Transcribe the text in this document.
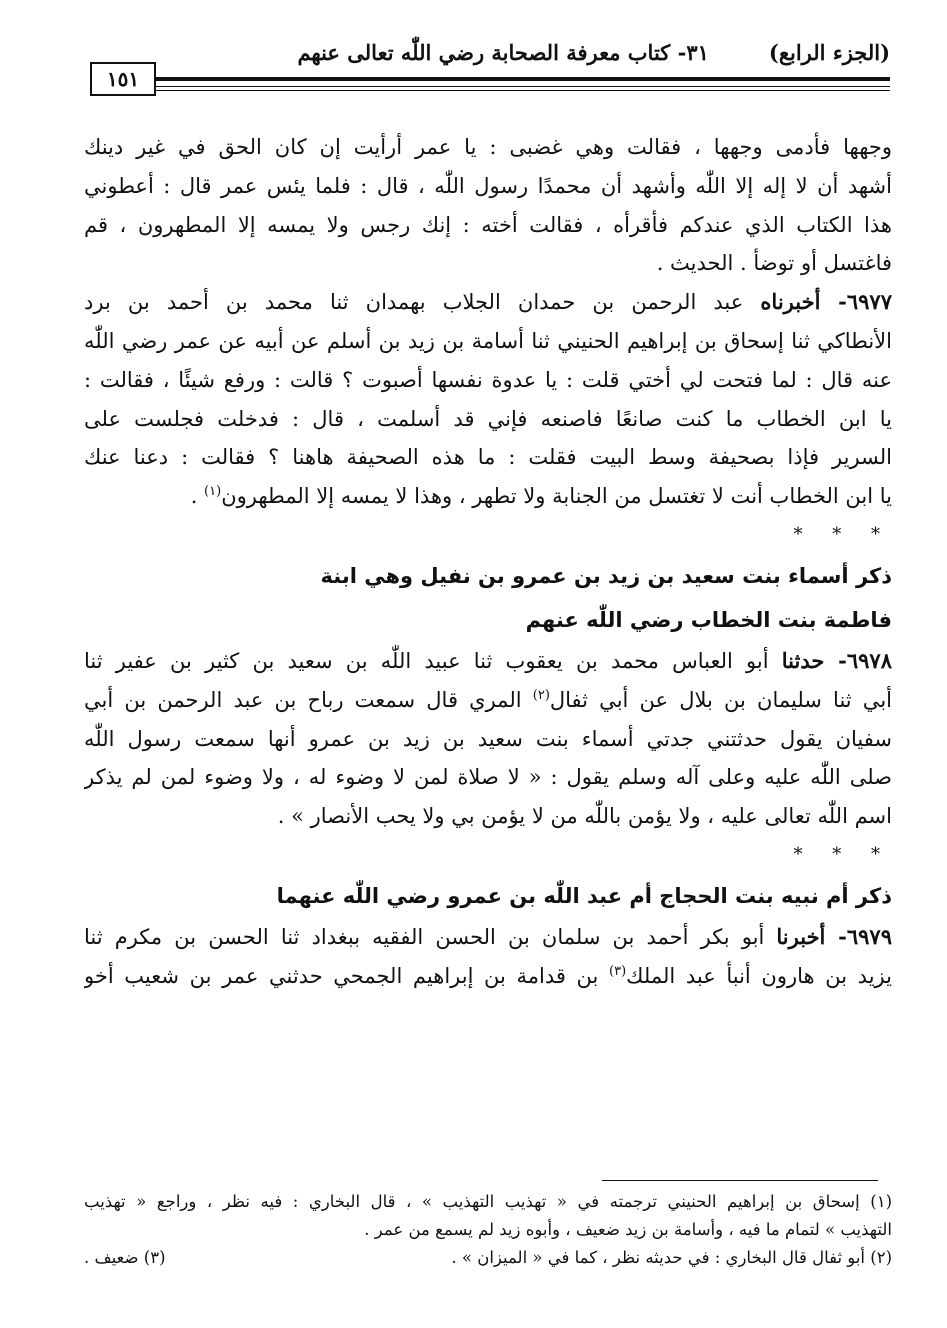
(الجزء الرابع)٣١- كتاب معرفة الصحابة رضي اللّٰه تعالى عنهم
١٥١
وجهها فأدمى وجهها ، فقالت وهي غضبى : يا عمر أرأيت إن كان الحق في غير دينك
أشهد أن لا إله إلا اللّٰه وأشهد أن محمدًا رسول اللّٰه ، قال : فلما يئس عمر قال : أعطوني
هذا الكتاب الذي عندكم فأقرأه ، فقالت أخته : إنك رجس ولا يمسه إلا المطهرون ، قم
فاغتسل أو توضأ . الحديث .
٦٩٧٧- أخبرناه عبد الرحمن بن حمدان الجلاب بهمدان ثنا محمد بن أحمد بن برد
الأنطاكي ثنا إسحاق بن إبراهيم الحنيني ثنا أسامة بن زيد بن أسلم عن أبيه عن عمر رضي اللّٰه
عنه قال : لما فتحت لي أختي قلت : يا عدوة نفسها أصبوت ؟ قالت : ورفع شيئًا ، فقالت :
يا ابن الخطاب ما كنت صانعًا فاصنعه فإني قد أسلمت ، قال : فدخلت فجلست على
السرير فإذا بصحيفة وسط البيت فقلت : ما هذه الصحيفة هاهنا ؟ فقالت : دعنا عنك
يا ابن الخطاب أنت لا تغتسل من الجنابة ولا تطهر ، وهذا لا يمسه إلا المطهرون$^{(١)}$ .
* * *
ذكر أسماء بنت سعيد بن زيد بن عمرو بن نفيل وهي ابنة
فاطمة بنت الخطاب رضي اللّٰه عنهم
٦٩٧٨- حدثنا أبو العباس محمد بن يعقوب ثنا عبيد اللّٰه بن سعيد بن كثير بن عفير ثنا
أبي ثنا سليمان بن بلال عن أبي ثفال$^{(٢)}$ المري قال سمعت رباح بن عبد الرحمن بن أبي
سفيان يقول حدثتني جدتي أسماء بنت سعيد بن زيد بن عمرو أنها سمعت رسول اللّٰه
صلى اللّٰه عليه وعلى آله وسلم يقول : « لا صلاة لمن لا وضوء له ، ولا وضوء لمن لم يذكر
اسم اللّٰه تعالى عليه ، ولا يؤمن باللّٰه من لا يؤمن بي ولا يحب الأنصار » .
* * *
ذكر أم نبيه بنت الحجاج أم عبد اللّٰه بن عمرو رضي اللّٰه عنهما
٦٩٧٩- أخبرنا أبو بكر أحمد بن سلمان بن الحسن الفقيه ببغداد ثنا الحسن بن مكرم ثنا
يزيد بن هارون أنبأ عبد الملك$^{(٣)}$ بن قدامة بن إبراهيم الجمحي حدثني عمر بن شعيب أخو
(١) إسحاق بن إبراهيم الحنيني ترجمته في « تهذيب التهذيب » ، قال البخاري : فيه نظر ، وراجع « تهذيب
التهذيب » لتمام ما فيه ، وأسامة بن زيد ضعيف ، وأبوه زيد لم يسمع من عمر .
(٢) أبو ثفال قال البخاري : في حديثه نظر ، كما في « الميزان » .
(٣) ضعيف .
